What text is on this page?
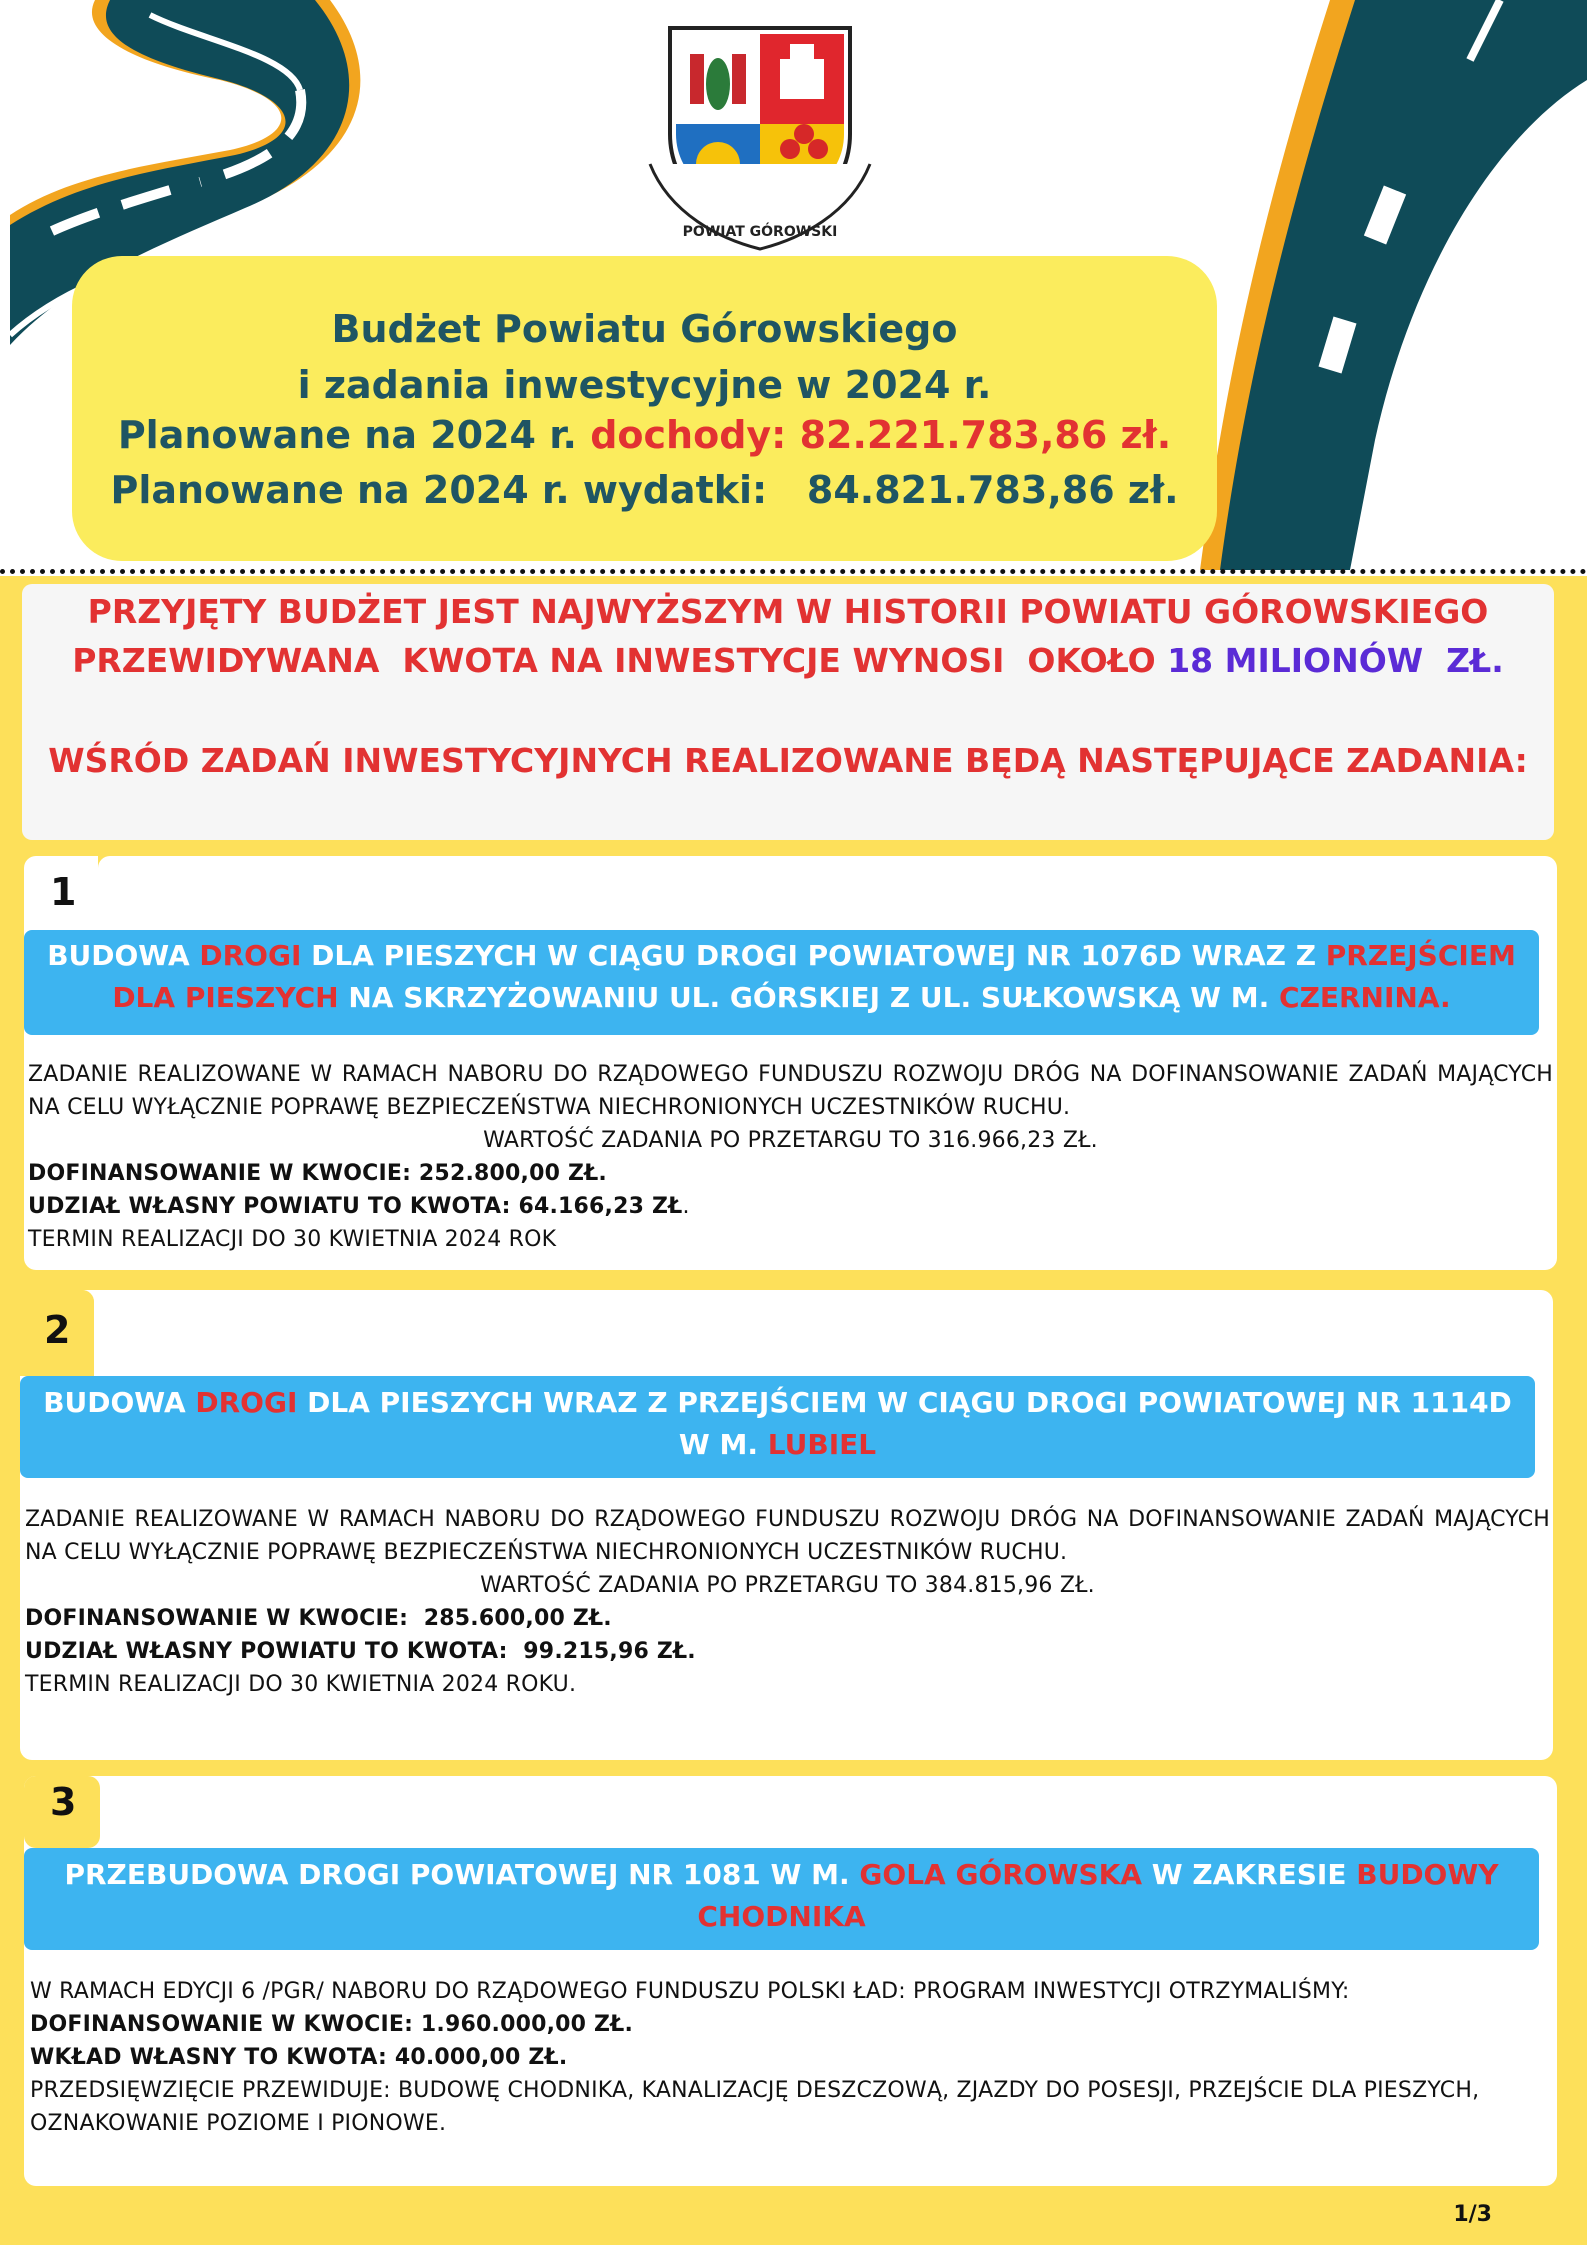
POWIAT GÓROWSKI
Budżet Powiatu Górowskiego
i zadania inwestycyjne w 2024 r.
Planowane na 2024 r. dochody: 82.221.783,86 zł.
Planowane na 2024 r. wydatki:   84.821.783,86 zł.
PRZYJĘTY BUDŻET JEST NAJWYŻSZYM W HISTORII POWIATU GÓROWSKIEGO
PRZEWIDYWANA  KWOTA NA INWESTYCJE WYNOSI  OKOŁO 18 MILIONÓW  ZŁ.
WŚRÓD ZADAŃ INWESTYCYJNYCH REALIZOWANE BĘDĄ NASTĘPUJĄCE ZADANIA:
1
BUDOWA DROGI DLA PIESZYCH W CIĄGU DROGI POWIATOWEJ NR 1076D WRAZ Z PRZEJŚCIEM DLA PIESZYCH NA SKRZYŻOWANIU UL. GÓRSKIEJ Z UL. SUŁKOWSKĄ W M. CZERNINA.
ZADANIE REALIZOWANE W RAMACH NABORU DO RZĄDOWEGO FUNDUSZU ROZWOJU DRÓG NA DOFINANSOWANIE ZADAŃ MAJĄCYCH NA CELU WYŁĄCZNIE POPRAWĘ BEZPIECZEŃSTWA NIECHRONIONYCH UCZESTNIKÓW RUCHU.
WARTOŚĆ ZADANIA PO PRZETARGU TO 316.966,23 ZŁ.
DOFINANSOWANIE W KWOCIE: 252.800,00 ZŁ.
UDZIAŁ WŁASNY POWIATU TO KWOTA: 64.166,23 ZŁ.
TERMIN REALIZACJI DO 30 KWIETNIA 2024 ROK
2
BUDOWA DROGI DLA PIESZYCH WRAZ Z PRZEJŚCIEM W CIĄGU DROGI POWIATOWEJ NR 1114D W M. LUBIEL
ZADANIE REALIZOWANE W RAMACH NABORU DO RZĄDOWEGO FUNDUSZU ROZWOJU DRÓG NA DOFINANSOWANIE ZADAŃ MAJĄCYCH NA CELU WYŁĄCZNIE POPRAWĘ BEZPIECZEŃSTWA NIECHRONIONYCH UCZESTNIKÓW RUCHU.
WARTOŚĆ ZADANIA PO PRZETARGU TO 384.815,96 ZŁ.
DOFINANSOWANIE W KWOCIE:  285.600,00 ZŁ.
UDZIAŁ WŁASNY POWIATU TO KWOTA:  99.215,96 ZŁ.
TERMIN REALIZACJI DO 30 KWIETNIA 2024 ROKU.
3
PRZEBUDOWA DROGI POWIATOWEJ NR 1081 W M. GOLA GÓROWSKA W ZAKRESIE BUDOWY CHODNIKA
W RAMACH EDYCJI 6 /PGR/ NABORU DO RZĄDOWEGO FUNDUSZU POLSKI ŁAD: PROGRAM INWESTYCJI OTRZYMALIŚMY:
DOFINANSOWANIE W KWOCIE: 1.960.000,00 ZŁ.
WKŁAD WŁASNY TO KWOTA: 40.000,00 ZŁ.
PRZEDSIĘWZIĘCIE PRZEWIDUJE: BUDOWĘ CHODNIKA, KANALIZACJĘ DESZCZOWĄ, ZJAZDY DO POSESJI, PRZEJŚCIE DLA PIESZYCH, OZNAKOWANIE POZIOME I PIONOWE.
1/3
